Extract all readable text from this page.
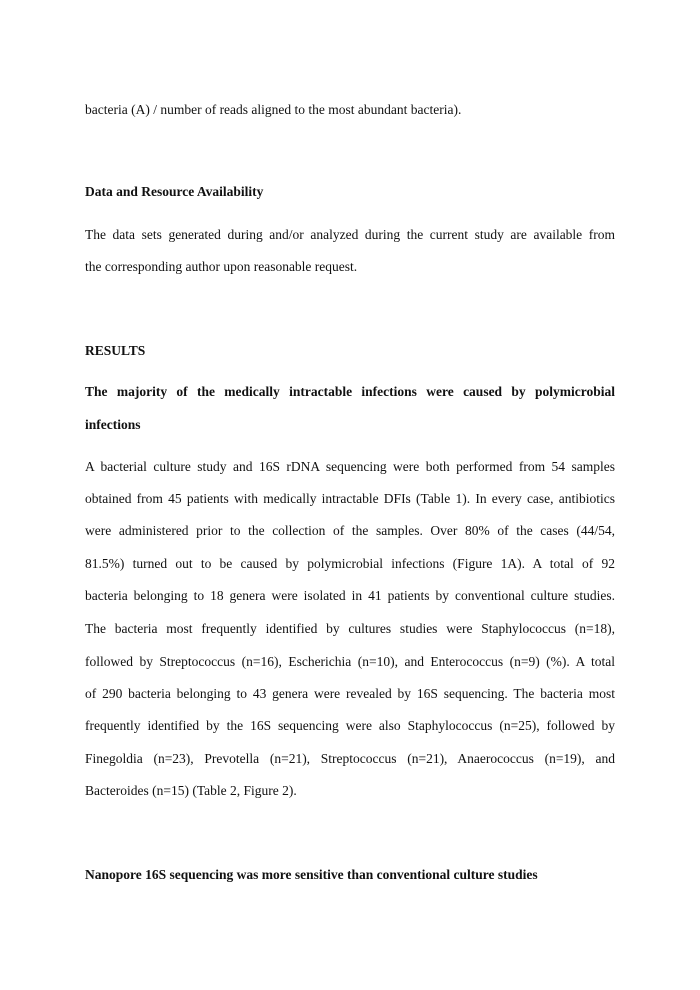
bacteria (A) / number of reads aligned to the most abundant bacteria).
Data and Resource Availability
The data sets generated during and/or analyzed during the current study are available from
the corresponding author upon reasonable request.
RESULTS
The majority of the medically intractable infections were caused by polymicrobial
infections
A bacterial culture study and 16S rDNA sequencing were both performed from 54 samples
obtained from 45 patients with medically intractable DFIs (Table 1). In every case, antibiotics
were administered prior to the collection of the samples. Over 80% of the cases (44/54,
81.5%) turned out to be caused by polymicrobial infections (Figure 1A). A total of 92
bacteria belonging to 18 genera were isolated in 41 patients by conventional culture studies.
The bacteria most frequently identified by cultures studies were Staphylococcus (n=18),
followed by Streptococcus (n=16), Escherichia (n=10), and Enterococcus (n=9) (%). A total
of 290 bacteria belonging to 43 genera were revealed by 16S sequencing. The bacteria most
frequently identified by the 16S sequencing were also Staphylococcus (n=25), followed by
Finegoldia (n=23), Prevotella (n=21), Streptococcus (n=21), Anaerococcus (n=19), and
Bacteroides (n=15) (Table 2, Figure 2).
Nanopore 16S sequencing was more sensitive than conventional culture studies
